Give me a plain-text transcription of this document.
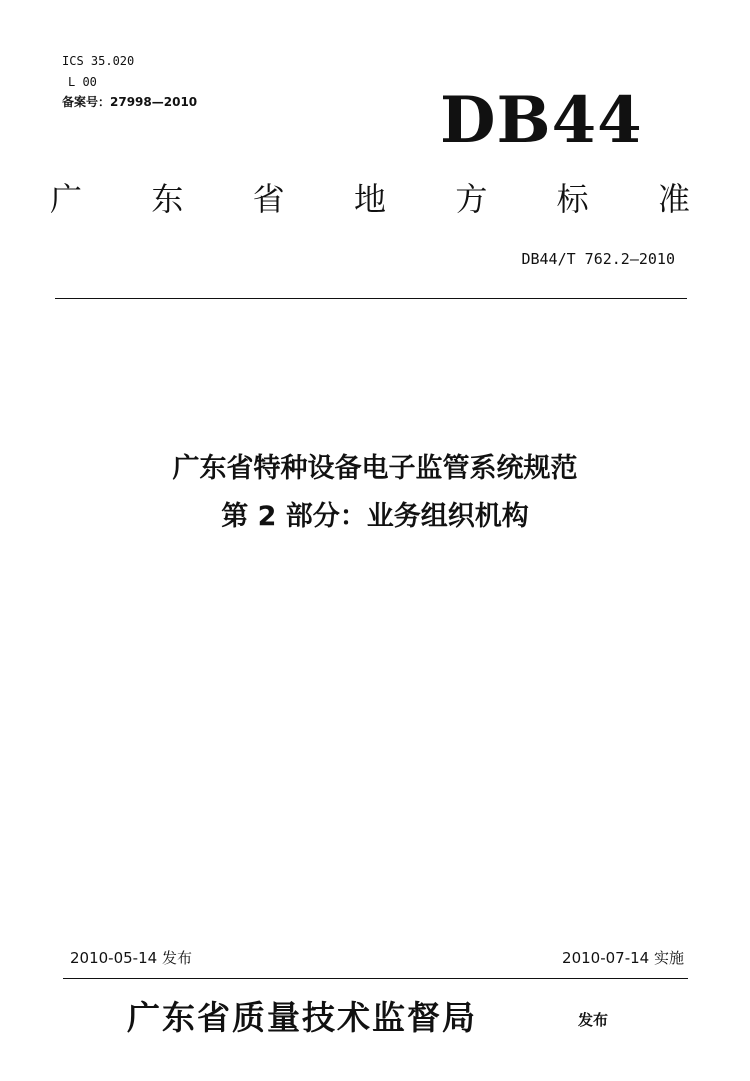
ICS 35.020
L 00
备案号：27998—2010	DB44
广 东 省 地 方 标 准
DB44/T 762.2—2010
广东省特种设备电子监管系统规范
第 2 部分：业务组织机构
2010-05-14 发布	2010-07-14 实施
广东省质量技术监督局	发布
